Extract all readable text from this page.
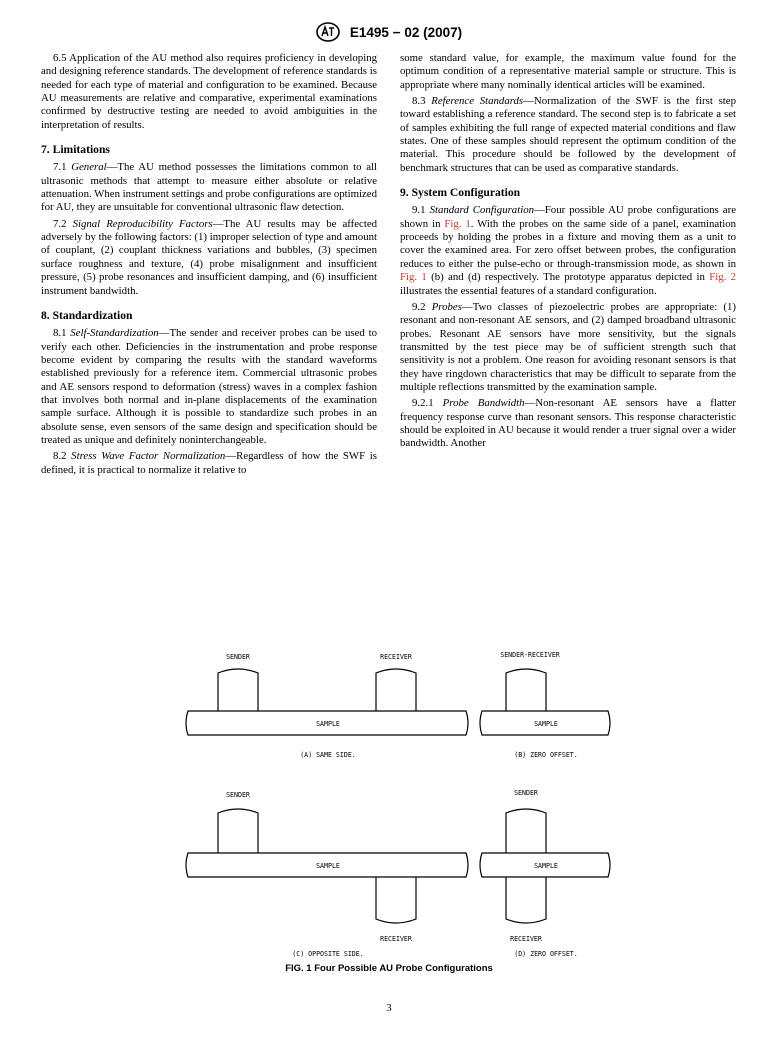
E1495 − 02 (2007)

6.5 Application of the AU method also requires proficiency in developing and designing reference standards. The development of reference standards is needed for each type of material and configuration to be examined. Because AU measurements are relative and comparative, experimental examinations confirmed by destructive testing are needed to avoid ambiguities in the interpretation of results.

7. Limitations

7.1 General—The AU method possesses the limitations common to all ultrasonic methods that attempt to measure either absolute or relative attenuation. When instrument settings and probe configurations are optimized for AU, they are unsuitable for conventional ultrasonic flaw detection.

7.2 Signal Reproducibility Factors—The AU results may be affected adversely by the following factors: (1) improper selection of type and amount of couplant, (2) couplant thickness variations and bubbles, (3) specimen surface roughness and texture, (4) probe misalignment and insufficient pressure, (5) probe resonances and insufficient damping, and (6) insufficient instrument bandwidth.

8. Standardization

8.1 Self-Standardization—The sender and receiver probes can be used to verify each other. Deficiencies in the instrumentation and probe response become evident by comparing the results with the standard waveforms established previously for a reference item. Commercial ultrasonic probes and AE sensors respond to deformation (stress) waves in a complex fashion that involves both normal and in-plane displacements of the examination sample surface. Although it is possible to standardize such probes in an absolute sense, even sensors of the same design and specification should be treated as unique and definitely noninterchangeable.

8.2 Stress Wave Factor Normalization—Regardless of how the SWF is defined, it is practical to normalize it relative to

some standard value, for example, the maximum value found for the optimum condition of a representative material sample or structure. This is appropriate where many nominally identical articles will be examined.

8.3 Reference Standards—Normalization of the SWF is the first step toward establishing a reference standard. The second step is to fabricate a set of samples exhibiting the full range of expected material conditions and flaw states. One of these samples should represent the optimum condition of the material. This procedure should be followed by the development of benchmark structures that can be used as comparative standards.

9. System Configuration

9.1 Standard Configuration—Four possible AU probe configurations are shown in Fig. 1. With the probes on the same side of a panel, examination proceeds by holding the probes in a fixture and moving them as a unit to cover the examined area. For zero offset between probes, the configuration reduces to either the pulse-echo or through-transmission mode, as shown in Fig. 1 (b) and (d) respectively. The prototype apparatus depicted in Fig. 2 illustrates the essential features of a standard configuration.

9.2 Probes—Two classes of piezoelectric probes are appropriate: (1) resonant and non-resonant AE sensors, and (2) damped broadband ultrasonic probes. Resonant AE sensors have more sensitivity, but the signals transmitted by the test piece may be of sufficient strength such that sensitivity is not a problem. One reason for avoiding resonant sensors is that they have ringdown characteristics that may be difficult to separate from the multiple reflections transmitted by the examination sample.

9.2.1 Probe Bandwidth—Non-resonant AE sensors have a flatter frequency response curve than resonant sensors. This response characteristic should be exploited in AU because it would render a truer signal over a wider bandwidth. Another

SENDER	RECEIVER
SAMPLE
(A) SAME SIDE.
SENDER-RECEIVER
SAMPLE
(B) ZERO OFFSET.
SENDER
SAMPLE
RECEIVER
(C) OPPOSITE SIDE.
SENDER
SAMPLE
RECEIVER
(D) ZERO OFFSET.
FIG. 1 Four Possible AU Probe Configurations
3
